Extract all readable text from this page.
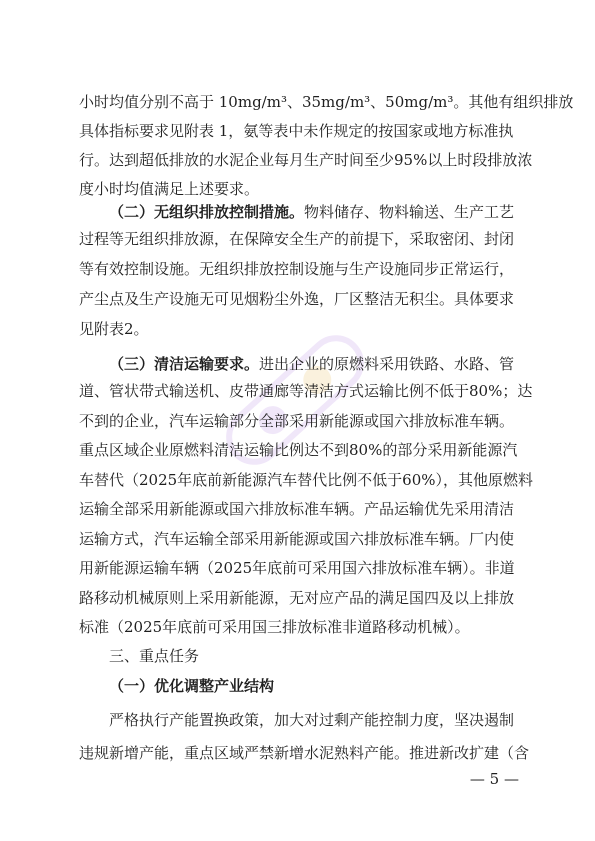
小时均值分别不高于 10mg/m³、35mg/m³、50mg/m³。其他有组织排放
具体指标要求见附表 1，氨等表中未作规定的按国家或地方标准执
行。达到超低排放的水泥企业每月生产时间至少95%以上时段排放浓
度小时均值满足上述要求。
（二）无组织排放控制措施。物料储存、物料输送、生产工艺
过程等无组织排放源，在保障安全生产的前提下，采取密闭、封闭
等有效控制设施。无组织排放控制设施与生产设施同步正常运行，
产尘点及生产设施无可见烟粉尘外逸，厂区整洁无积尘。具体要求
见附表2。
（三）清洁运输要求。进出企业的原燃料采用铁路、水路、管
道、管状带式输送机、皮带通廊等清洁方式运输比例不低于80%；达
不到的企业，汽车运输部分全部采用新能源或国六排放标准车辆。
重点区域企业原燃料清洁运输比例达不到80%的部分采用新能源汽
车替代（2025年底前新能源汽车替代比例不低于60%），其他原燃料
运输全部采用新能源或国六排放标准车辆。产品运输优先采用清洁
运输方式，汽车运输全部采用新能源或国六排放标准车辆。厂内使
用新能源运输车辆（2025年底前可采用国六排放标准车辆）。非道
路移动机械原则上采用新能源，无对应产品的满足国四及以上排放
标准（2025年底前可采用国三排放标准非道路移动机械）。
三、重点任务
（一）优化调整产业结构
— 5 —
严格执行产能置换政策，加大对过剩产能控制力度，坚决遏制
违规新增产能，重点区域严禁新增水泥熟料产能。推进新改扩建（含
